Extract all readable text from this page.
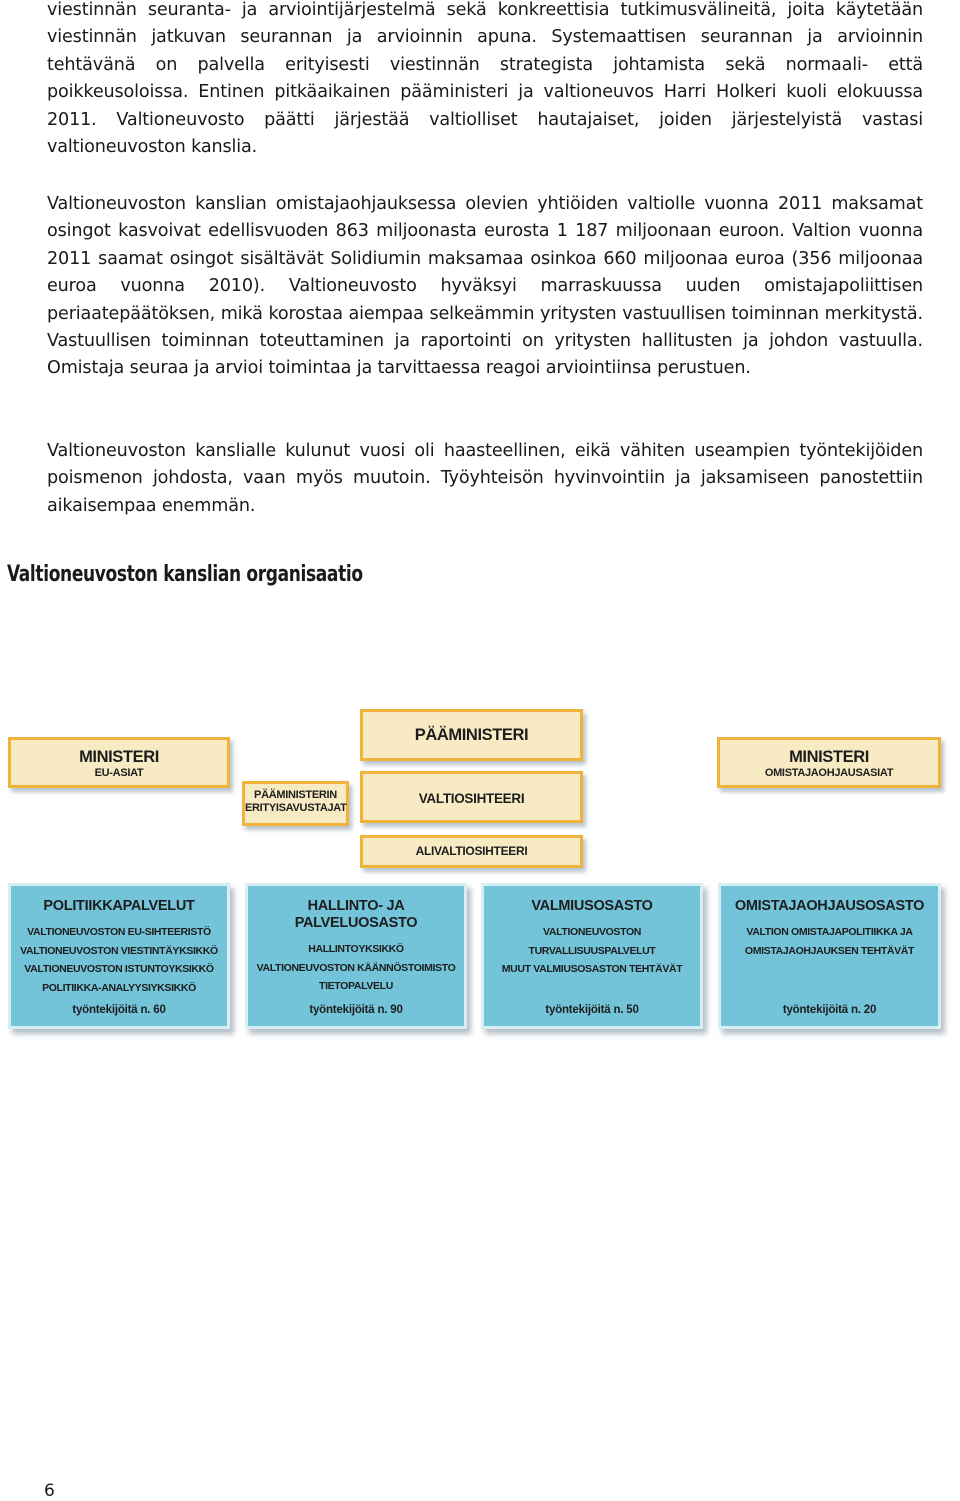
viestinnän seuranta- ja arviointijärjestelmä sekä konkreettisia tutkimusvälineitä, joita käytetään viestinnän jatkuvan seurannan ja arvioinnin apuna. Systemaattisen seurannan ja arvioinnin tehtävänä on palvella erityisesti viestinnän strategista johtamista sekä normaali- että poikkeusoloissa. Entinen pitkäaikainen pääministeri ja valtioneuvos Harri Holkeri kuoli elokuussa 2011. Valtioneuvosto päätti järjestää valtiolliset hautajaiset, joiden järjestelyistä vastasi valtioneuvoston kanslia.

Valtioneuvoston kanslian omistajaohjauksessa olevien yhtiöiden valtiolle vuonna 2011 maksamat osingot kasvoivat edellisvuoden 863 miljoonasta eurosta 1 187 miljoonaan euroon. Valtion vuonna 2011 saamat osingot sisältävät Solidiumin maksamaa osinkoa 660 miljoonaa euroa (356 miljoonaa euroa vuonna 2010). Valtioneuvosto hyväksyi marraskuussa uuden omistajapoliittisen periaatepäätöksen, mikä korostaa aiempaa selkeämmin yritysten vastuullisen toiminnan merkitystä. Vastuullisen toiminnan toteuttaminen ja raportointi on yritysten hallitusten ja johdon vastuulla. Omistaja seuraa ja arvioi toimintaa ja tarvittaessa reagoi arviointiinsa perustuen.

Valtioneuvoston kanslialle kulunut vuosi oli haasteellinen, eikä vähiten useampien työntekijöiden poismenon johdosta, vaan myös muutoin. Työyhteisön hyvinvointiin ja jaksamiseen panostettiin aikaisempaa enemmän.

Valtioneuvoston kanslian organisaatio
MINISTERI
EU-ASIAT
PÄÄMINISTERIN
ERITYISAVUSTAJAT
PÄÄMINISTERI
VALTIOSIHTEERI
ALIVALTIOSIHTEERI
MINISTERI
OMISTAJAOHJAUSASIAT
POLITIIKKAPALVELUT
VALTIONEUVOSTON EU-SIHTEERISTÖ
VALTIONEUVOSTON VIESTINTÄYKSIKKÖ
VALTIONEUVOSTON ISTUNTOYKSIKKÖ
POLITIIKKA-ANALYYSIYKSIKKÖ
työntekijöitä n. 60
HALLINTO- JA PALVELUOSASTO
HALLINTOYKSIKKÖ
VALTIONEUVOSTON KÄÄNNÖSTOIMISTO
TIETOPALVELU
työntekijöitä n. 90
VALMIUSOSASTO
VALTIONEUVOSTON TURVALLISUUSPALVELUT
MUUT VALMIUSOSASTON TEHTÄVÄT
työntekijöitä n. 50
OMISTAJAOHJAUSOSASTO
VALTION OMISTAJAPOLITIIKKA JA
OMISTAJAOHJAUKSEN TEHTÄVÄT
työntekijöitä n. 20

6
